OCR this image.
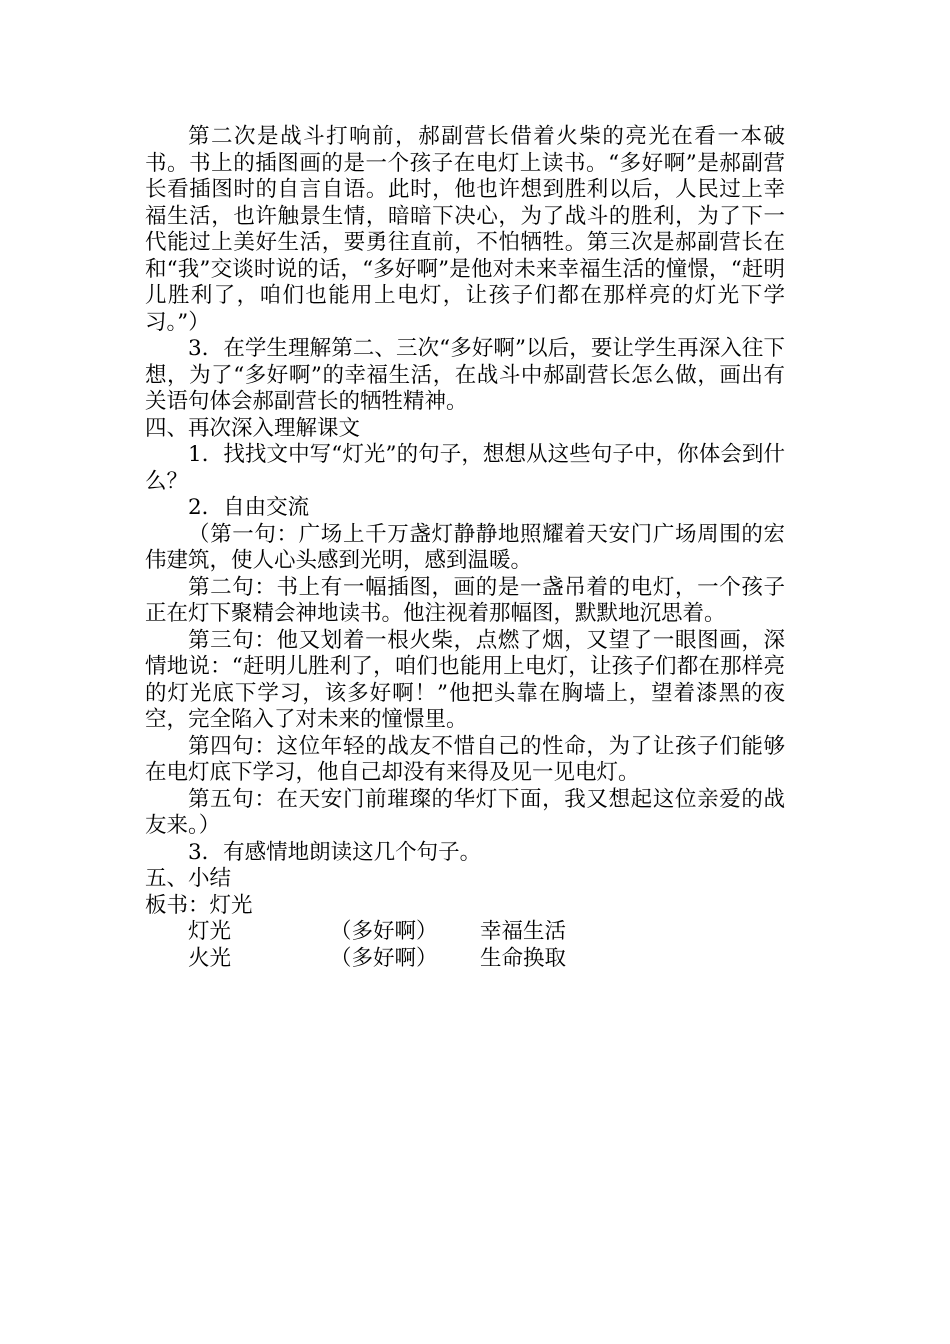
第二次是战斗打响前，郝副营长借着火柴的亮光在看一本破书。书上的插图画的是一个孩子在电灯上读书。“多好啊”是郝副营长看插图时的自言自语。此时，他也许想到胜利以后，人民过上幸福生活，也许触景生情，暗暗下决心，为了战斗的胜利，为了下一代能过上美好生活，要勇往直前，不怕牺牲。第三次是郝副营长在和“我”交谈时说的话，“多好啊”是他对未来幸福生活的憧憬，“赶明儿胜利了，咱们也能用上电灯，让孩子们都在那样亮的灯光下学习。”）

3．在学生理解第二、三次“多好啊”以后，要让学生再深入往下想，为了“多好啊”的幸福生活，在战斗中郝副营长怎么做，画出有关语句体会郝副营长的牺牲精神。

四、再次深入理解课文

1．找找文中写“灯光”的句子，想想从这些句子中，你体会到什么？

2．自由交流

（第一句：广场上千万盏灯静静地照耀着天安门广场周围的宏伟建筑，使人心头感到光明，感到温暖。

第二句：书上有一幅插图，画的是一盏吊着的电灯，一个孩子正在灯下聚精会神地读书。他注视着那幅图，默默地沉思着。

第三句：他又划着一根火柴，点燃了烟，又望了一眼图画，深情地说：“赶明儿胜利了，咱们也能用上电灯，让孩子们都在那样亮的灯光底下学习，该多好啊！”他把头靠在胸墙上，望着漆黑的夜空，完全陷入了对未来的憧憬里。

第四句：这位年轻的战友不惜自己的性命，为了让孩子们能够在电灯底下学习，他自己却没有来得及见一见电灯。

第五句：在天安门前璀璨的华灯下面，我又想起这位亲爱的战友来。）

3．有感情地朗读这几个句子。

五、小结

板书：灯光

灯光	（多好啊） 幸福生活
火光	（多好啊） 生命换取
